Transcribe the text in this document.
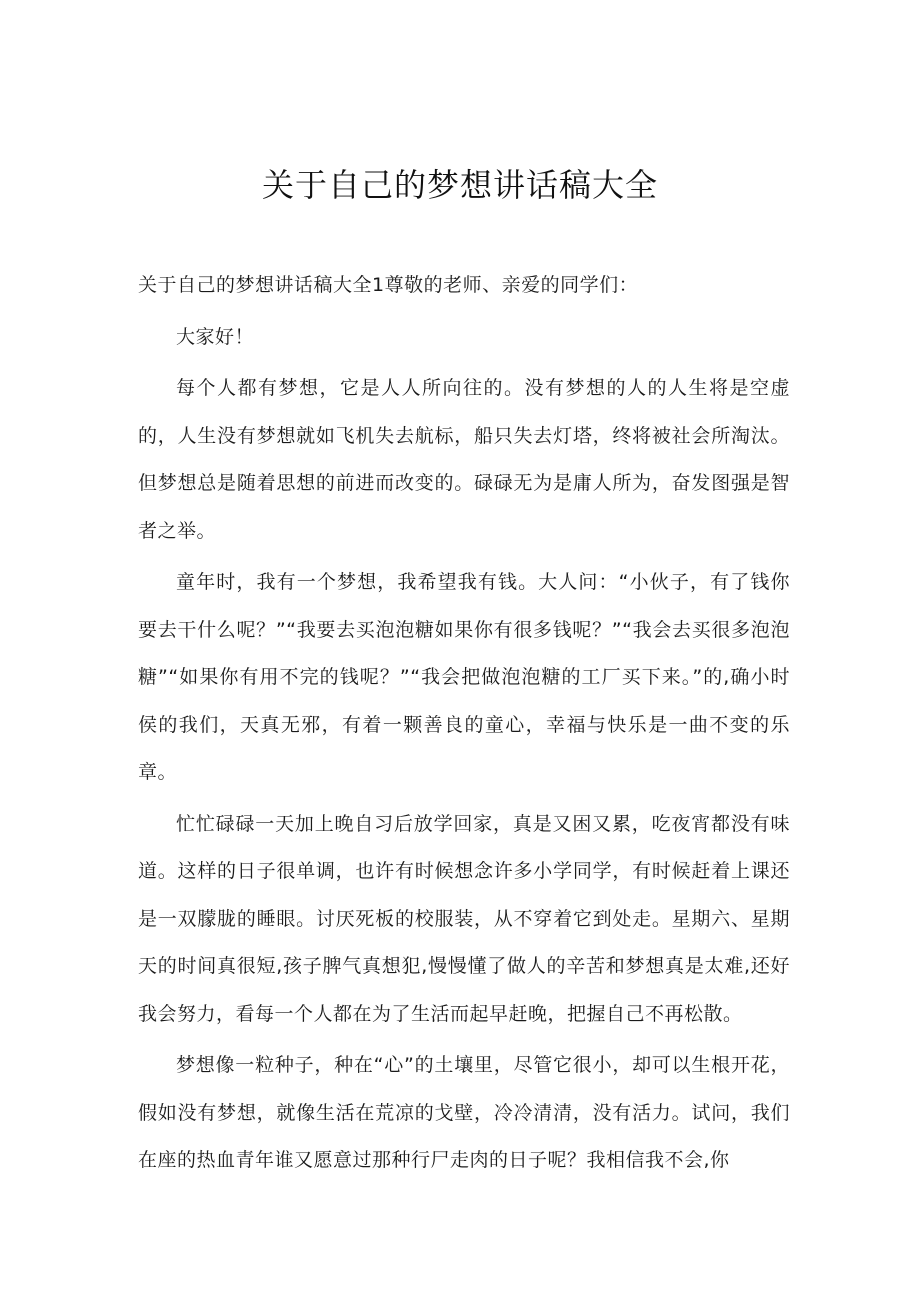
关于自己的梦想讲话稿大全

关于自己的梦想讲话稿大全1尊敬的老师、亲爱的同学们：

大家好！

每个人都有梦想，它是人人所向往的。没有梦想的人的人生将是空虚的，人生没有梦想就如飞机失去航标，船只失去灯塔，终将被社会所淘汰。但梦想总是随着思想的前进而改变的。碌碌无为是庸人所为，奋发图强是智者之举。

童年时，我有一个梦想，我希望我有钱。大人问：“小伙子，有了钱你要去干什么呢？”“我要去买泡泡糖如果你有很多钱呢？”“我会去买很多泡泡糖”“如果你有用不完的钱呢？”“我会把做泡泡糖的工厂买下来。”的,确小时侯的我们，天真无邪，有着一颗善良的童心，幸福与快乐是一曲不变的乐章。

忙忙碌碌一天加上晚自习后放学回家，真是又困又累，吃夜宵都没有味道。这样的日子很单调，也许有时候想念许多小学同学，有时候赶着上课还是一双朦胧的睡眼。讨厌死板的校服装，从不穿着它到处走。星期六、星期天的时间真很短,孩子脾气真想犯,慢慢懂了做人的辛苦和梦想真是太难,还好我会努力，看每一个人都在为了生活而起早赶晚，把握自己不再松散。

梦想像一粒种子，种在“心”的土壤里，尽管它很小，却可以生根开花，假如没有梦想，就像生活在荒凉的戈壁，冷冷清清，没有活力。试问，我们在座的热血青年谁又愿意过那种行尸走肉的日子呢？我相信我不会,你
